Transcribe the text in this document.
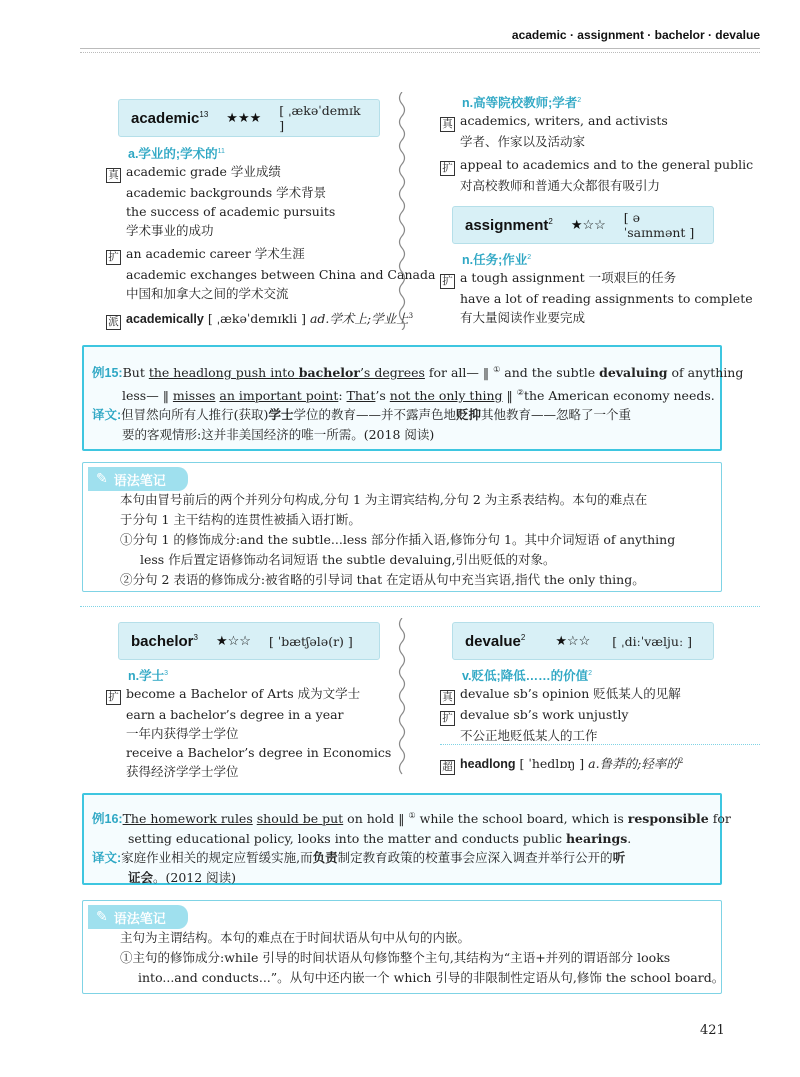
academic · assignment · bachelor · devalue
academic$^{13}$ ★★★ [ ˌækəˈdemɪk ]
a.学业的;学术的$^{11}$
真 academic grade 学业成绩
academic backgrounds 学术背景
the success of academic pursuits
学术事业的成功
扩 an academic career 学术生涯
academic exchanges between China and Canada
中国和加拿大之间的学术交流
派 academically [ ˌækəˈdemɪkli ] ad.学术上;学业上$^3$
n.高等院校教师;学者$^2$
真 academics, writers, and activists
学者、作家以及活动家
扩 appeal to academics and to the general public
对高校教师和普通大众都很有吸引力
assignment$^2$ ★☆☆ [ əˈsaɪnmənt ]
n.任务;作业$^2$
扩 a tough assignment 一项艰巨的任务
have a lot of reading assignments to complete
有大量阅读作业要完成
例15:But the headlong push into bachelor’s degrees for all— ‖ ① and the subtle devaluing of anything
less— ‖ misses an important point: That’s not the only thing ‖ ②the American economy needs.
译文:但冒然向所有人推行(获取)学士学位的教育——并不露声色地贬抑其他教育——忽略了一个重
要的客观情形:这并非美国经济的唯一所需。(2018 阅读)
✎ 语法笔记
本句由冒号前后的两个并列分句构成,分句 1 为主谓宾结构,分句 2 为主系表结构。本句的难点在
于分句 1 主干结构的连贯性被插入语打断。
①分句 1 的修饰成分:and the subtle...less 部分作插入语,修饰分句 1。其中介词短语 of anything
less 作后置定语修饰动名词短语 the subtle devaluing,引出贬低的对象。
②分句 2 表语的修饰成分:被省略的引导词 that 在定语从句中充当宾语,指代 the only thing。
bachelor$^3$ ★☆☆ [ ˈbætʃələ(r) ]
n.学士$^3$
扩 become a Bachelor of Arts 成为文学士
earn a bachelor’s degree in a year
一年内获得学士学位
receive a Bachelor’s degree in Economics
获得经济学学士学位
devalue$^2$ ★☆☆ [ ˌdiːˈvæljuː ]
v.贬低;降低……的价值$^2$
真 devalue sb’s opinion 贬低某人的见解
扩 devalue sb’s work unjustly
不公正地贬低某人的工作
超 headlong [ ˈhedlɒŋ ] a.鲁莽的;轻率的$^2$
例16:The homework rules should be put on hold ‖ ① while the school board, which is responsible for
setting educational policy, looks into the matter and conducts public hearings.
译文:家庭作业相关的规定应暂缓实施,而负责制定教育政策的校董事会应深入调查并举行公开的听
证会。(2012 阅读)
✎ 语法笔记
主句为主谓结构。本句的难点在于时间状语从句中从句的内嵌。
①主句的修饰成分:while 引导的时间状语从句修饰整个主句,其结构为“主语+并列的谓语部分 looks
into...and conducts...”。从句中还内嵌一个 which 引导的非限制性定语从句,修饰 the school board。
421
